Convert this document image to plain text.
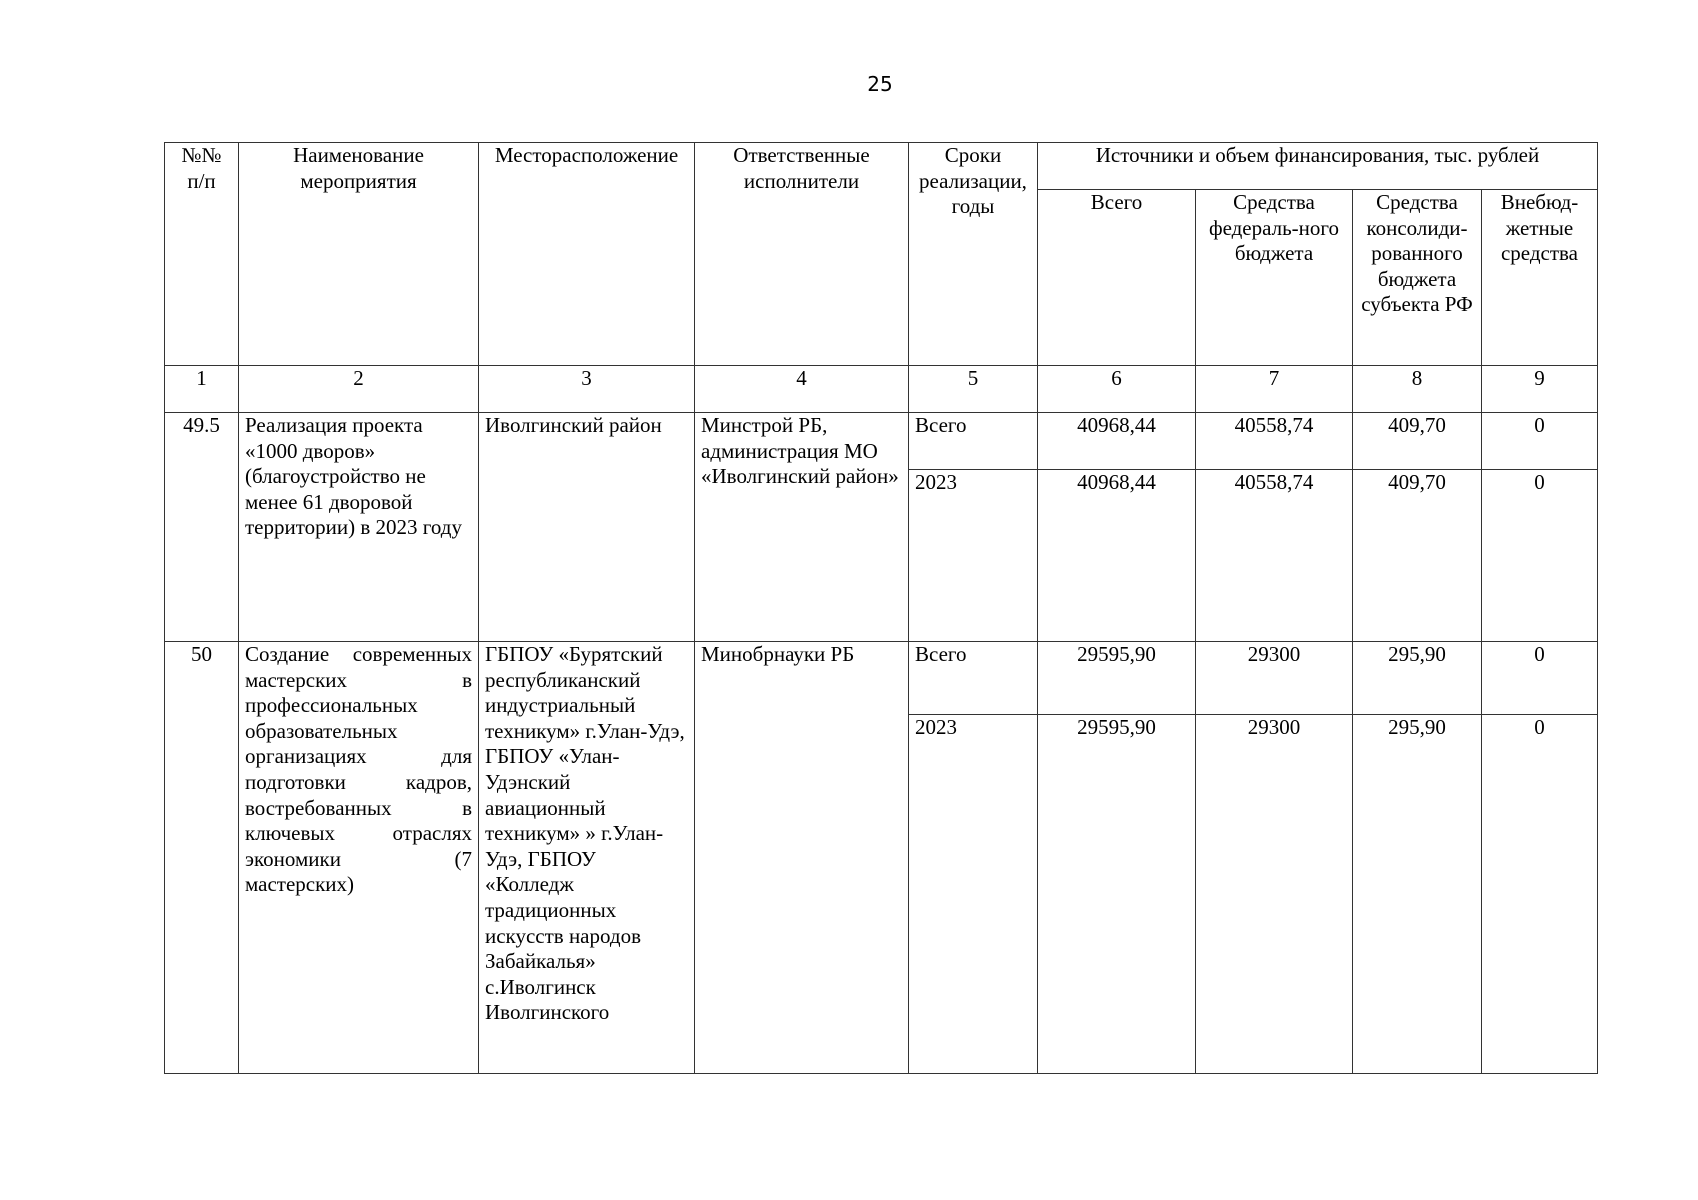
25
№№ п/п	Наименование мероприятия	Месторасположение	Ответственные исполнители	Сроки реализации, годы	Источники и объем финансирования, тыс. рублей			
					Всего	Средства федераль-ного бюджета	Средства консолиди-рованного бюджета субъекта РФ	Внебюд-жетные средства
1	2	3	4	5	6	7	8	9
49.5	Реализация проекта «1000 дворов» (благоустройство не менее 61 дворовой территории) в 2023 году	Иволгинский район	Минстрой РБ, администрация МО «Иволгинский район»	Всего	40968,44	40558,74	409,70	0
				2023	40968,44	40558,74	409,70	0
50	Создание современных мастерских в профессиональных образовательных организациях для подготовки кадров, востребованных в ключевых отраслях экономики (7 мастерских)	ГБПОУ «Бурятский республиканский индустриальный техникум» г.Улан-Удэ, ГБПОУ «Улан-Удэнский авиационный техникум» » г.Улан-Удэ, ГБПОУ «Колледж традиционных искусств народов Забайкалья» с.Иволгинск Иволгинского	Минобрнауки РБ	Всего	29595,90	29300	295,90	0
				2023	29595,90	29300	295,90	0
